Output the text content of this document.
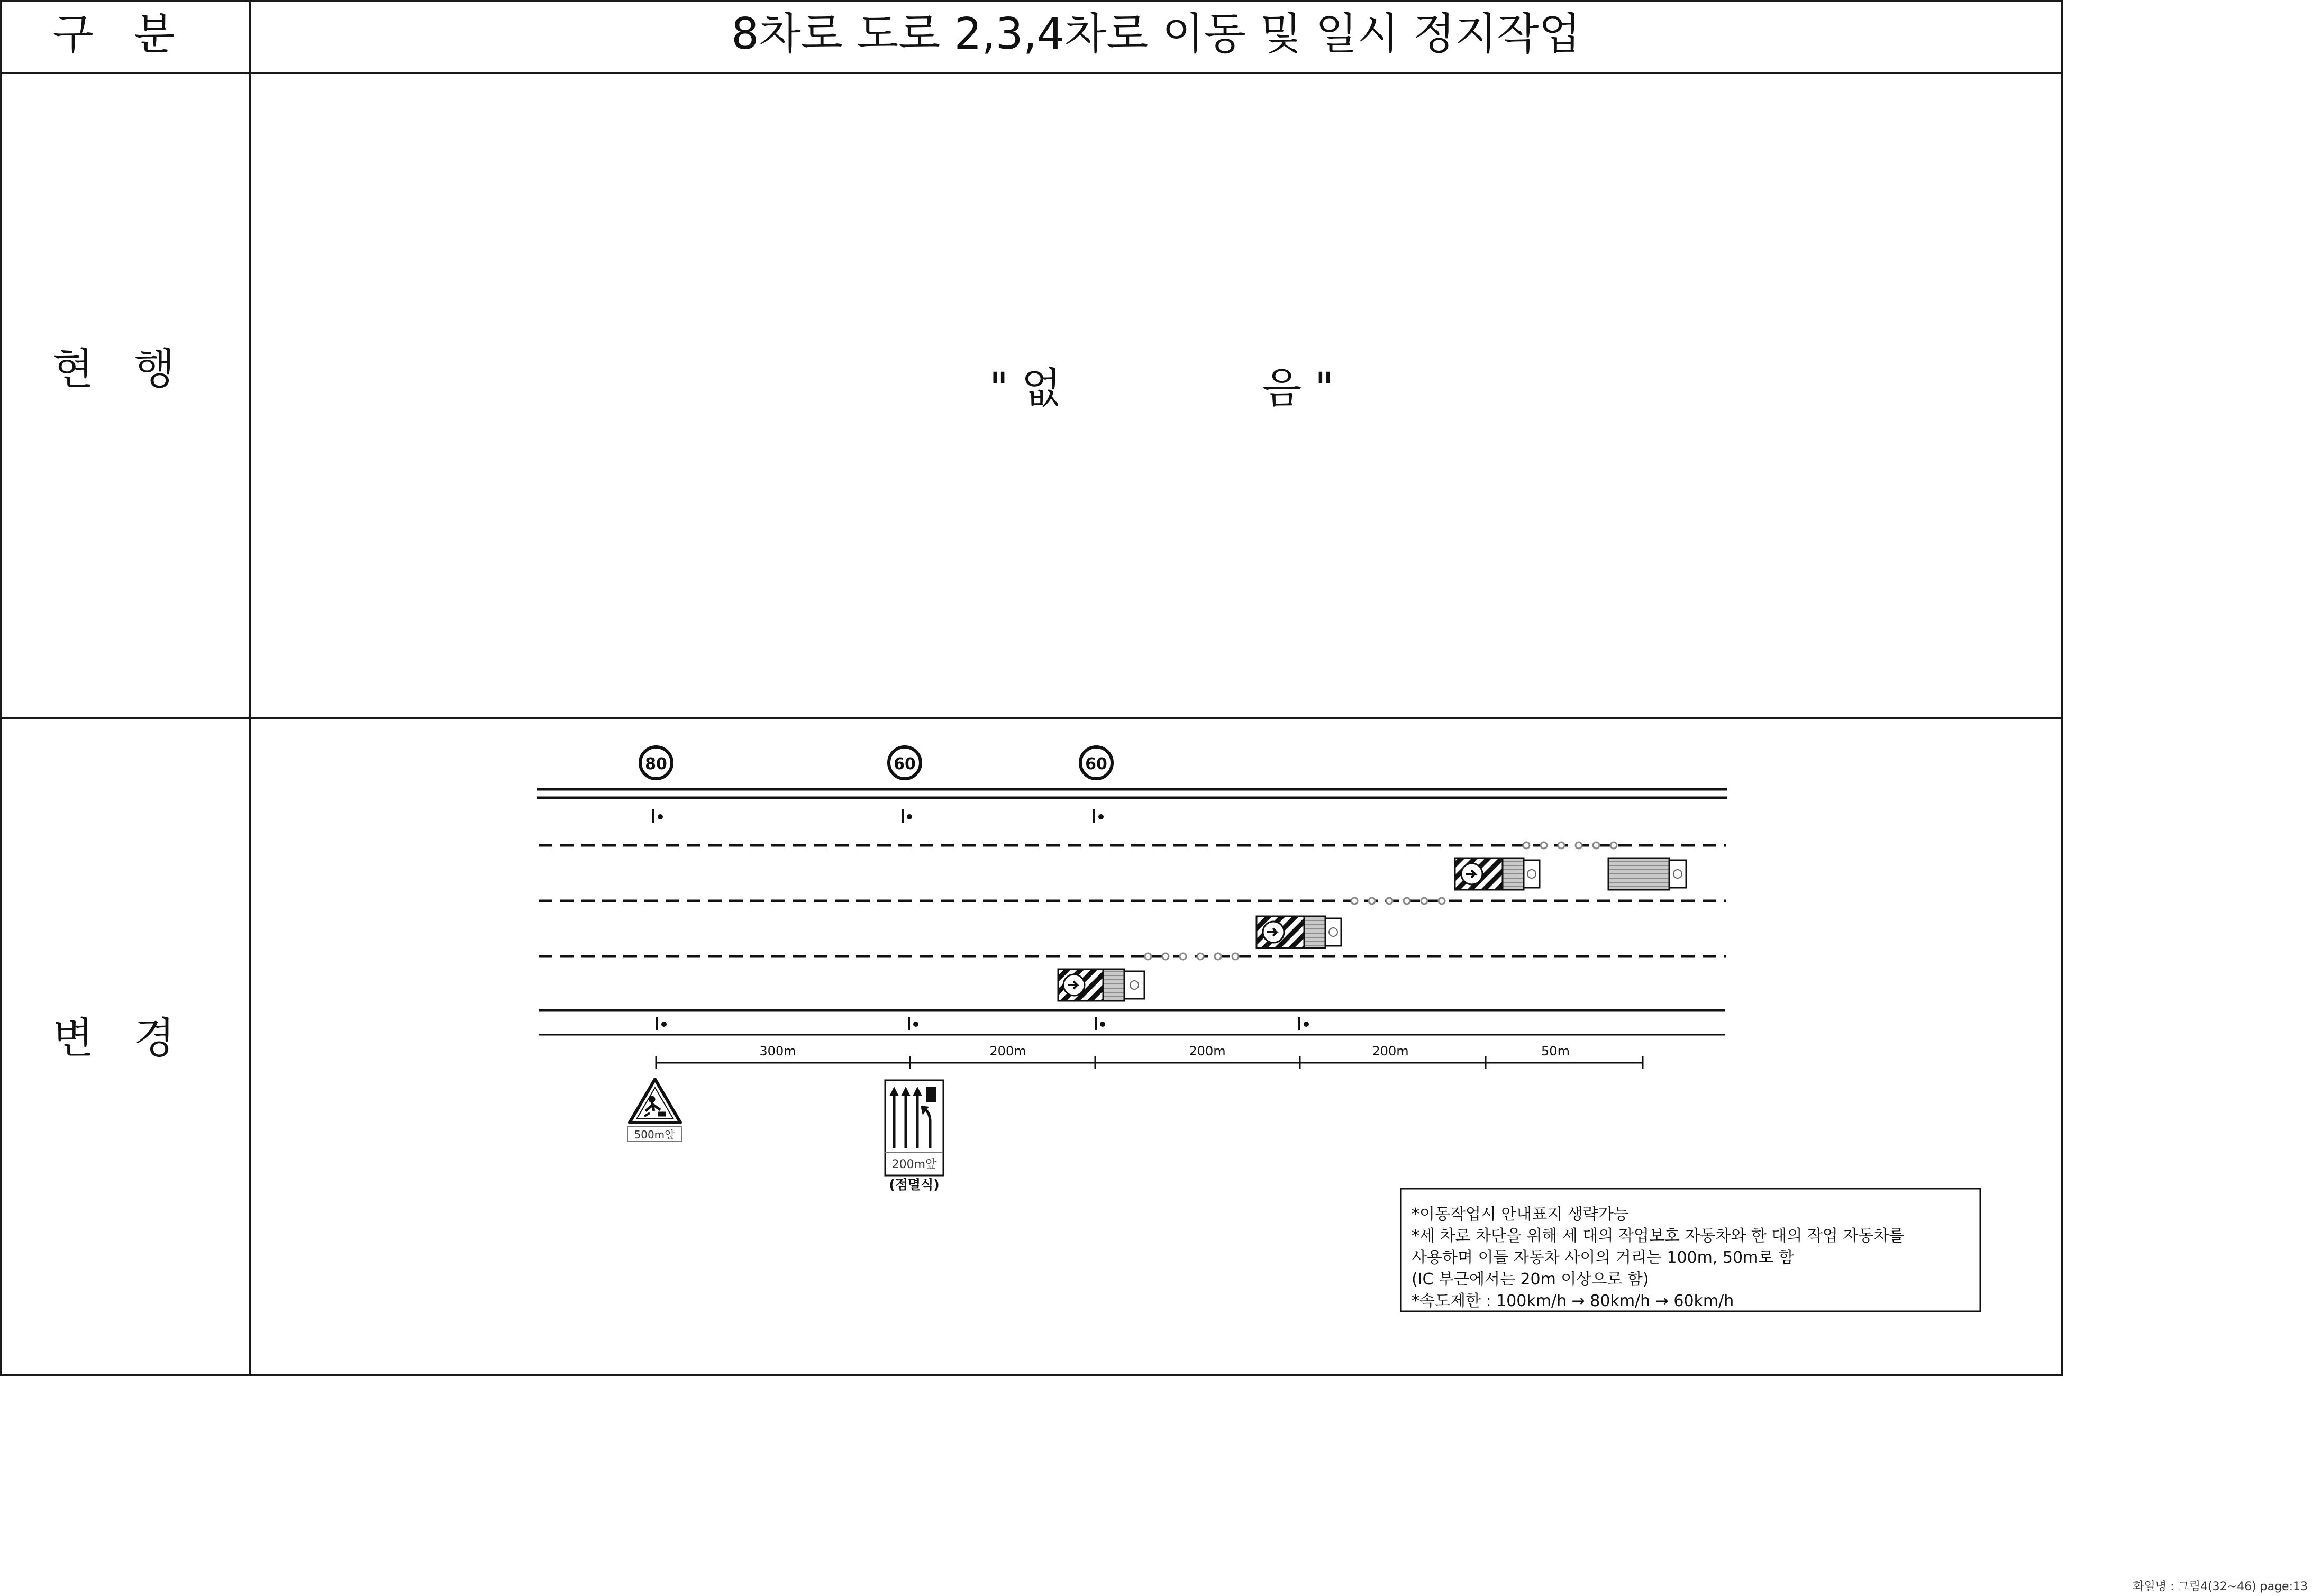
구   분	8차로 도로 2,3,4차로 이동 및 일시 정지작업
현   행	" 없	음 "
변   경
80	60	60
300m	200m	200m	200m	50m
500m앞
200m앞
(점멸식)
*이동작업시 안내표지 생략가능
*세 차로 차단을 위해 세 대의 작업보호 자동차와 한 대의 작업 자동차를
사용하며 이들 자동차 사이의 거리는 100m, 50m로 함
(IC 부근에서는 20m 이상으로 함)
*속도제한 : 100km/h → 80km/h → 60km/h
화일명 : 그림4(32~46) page:13
